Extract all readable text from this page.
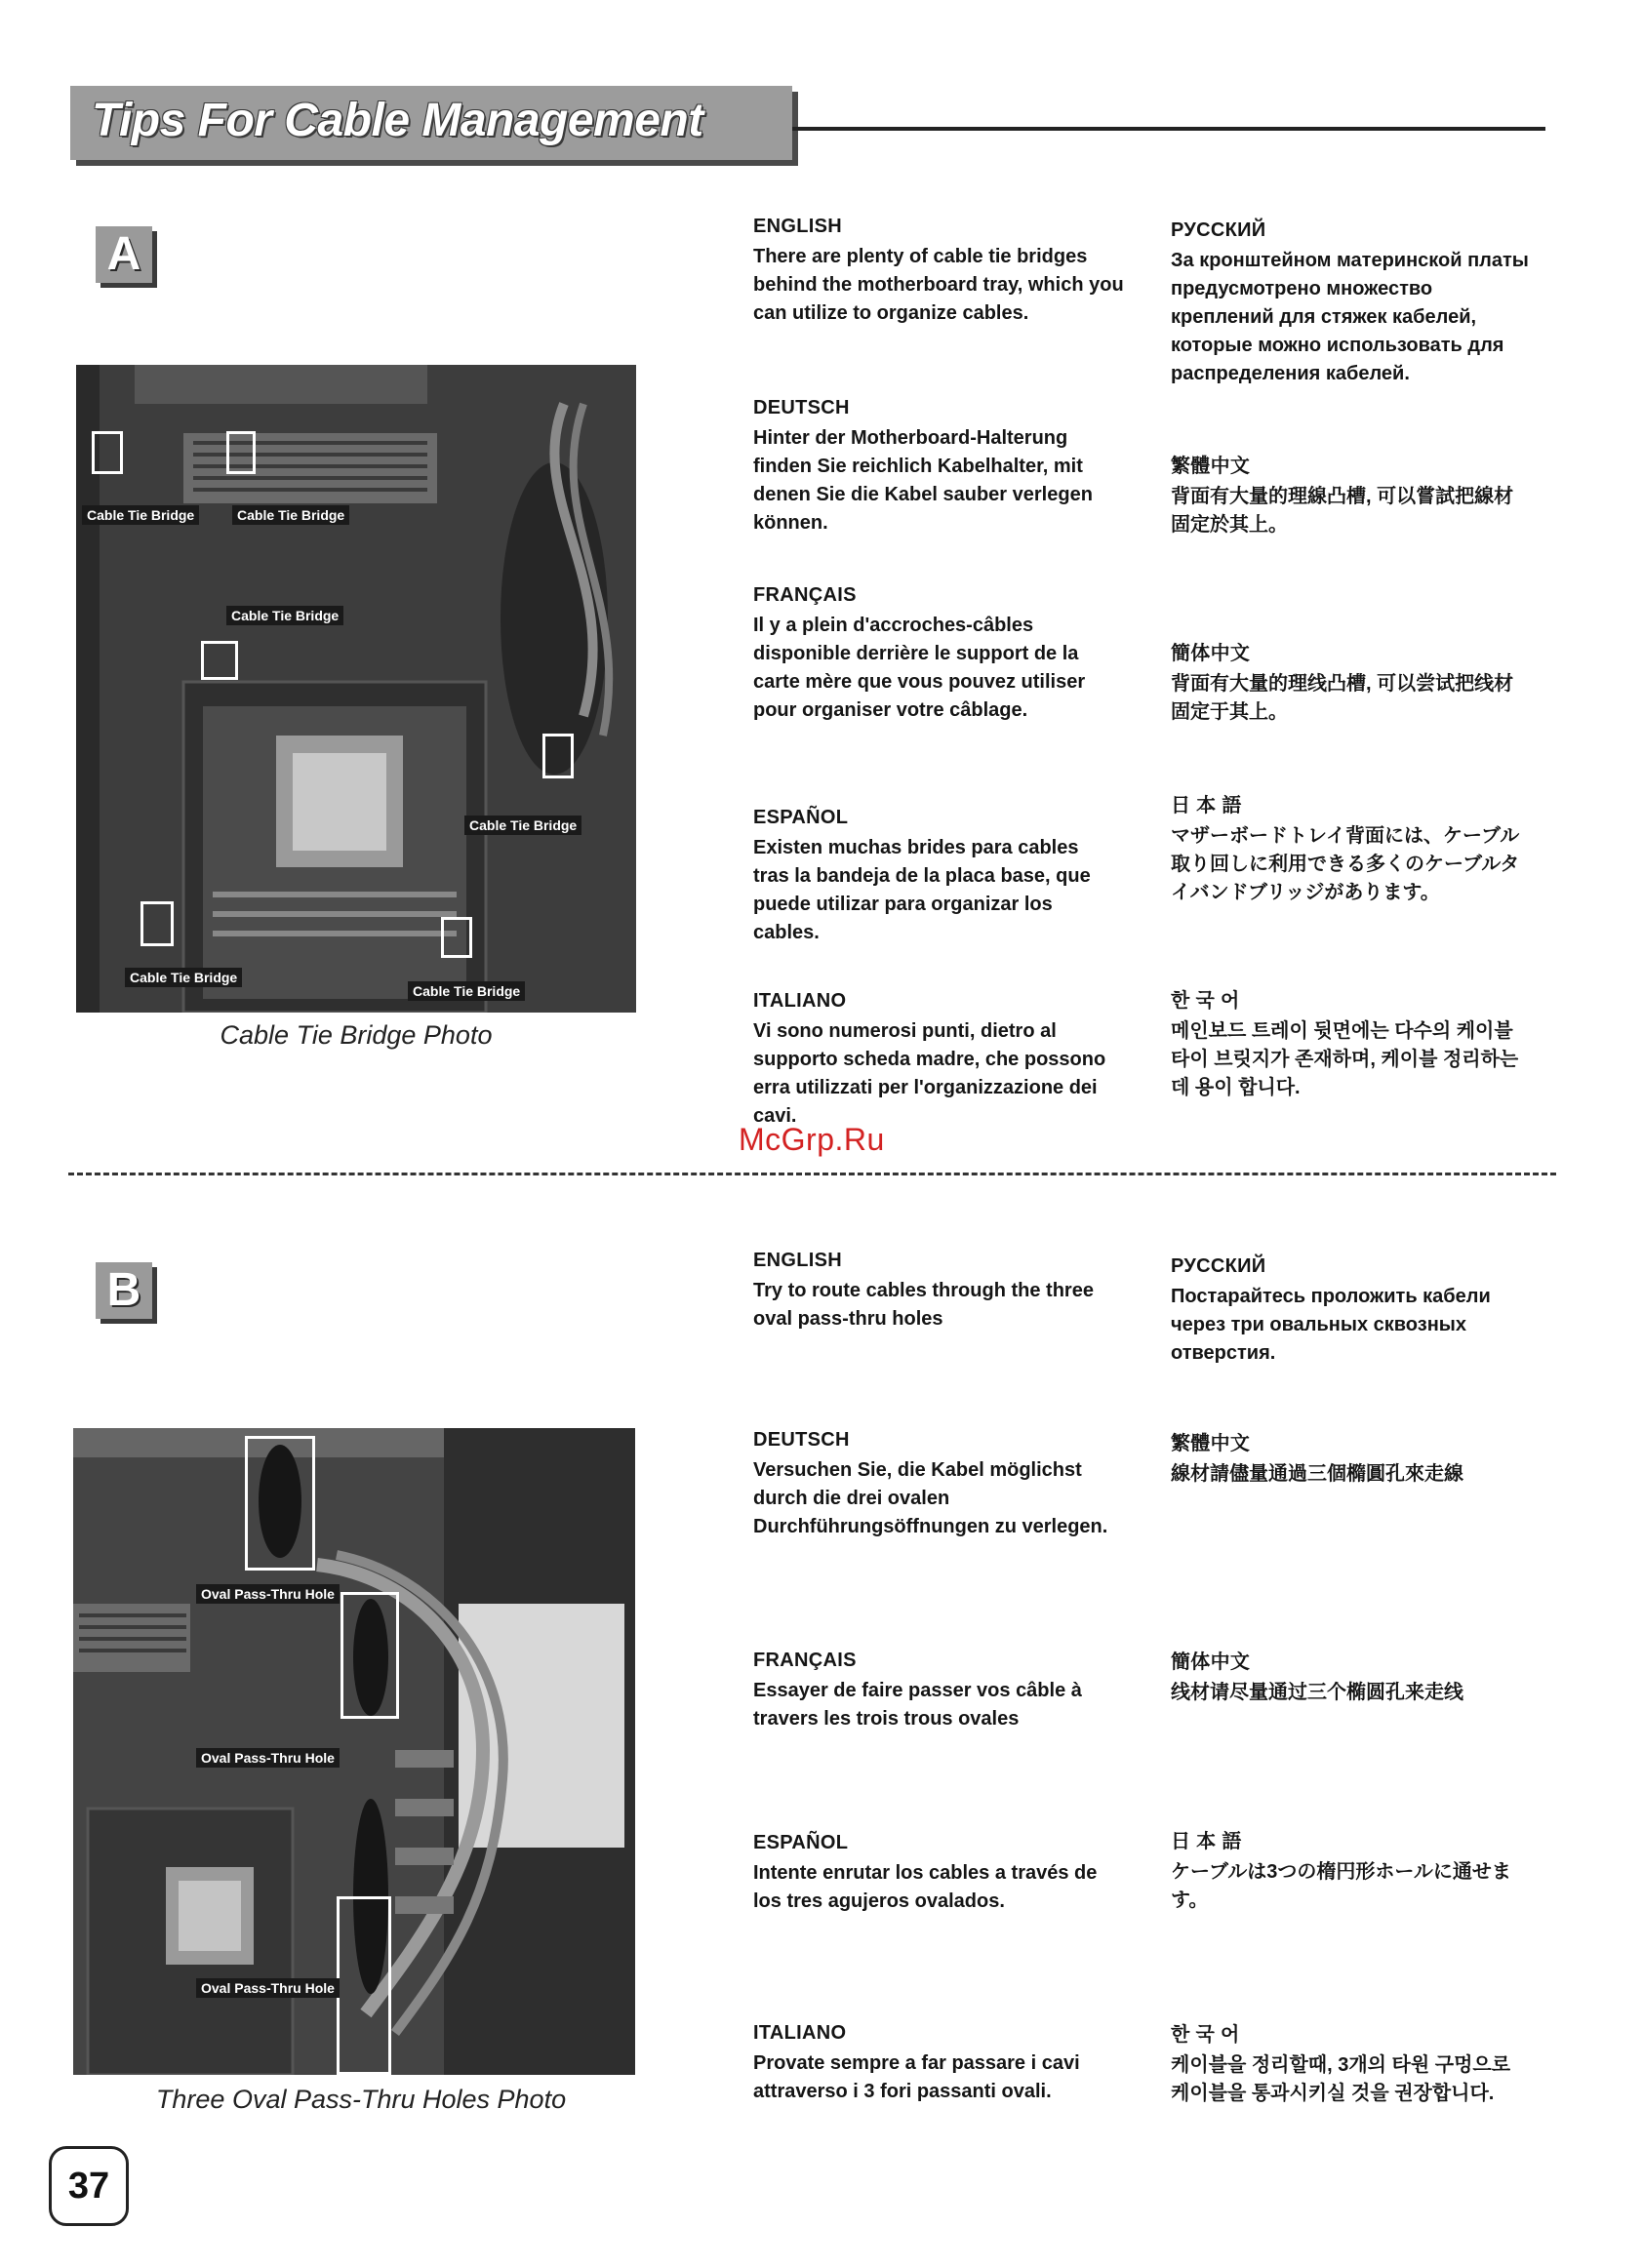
Tips For Cable Management
A
Cable Tie Bridge	Cable Tie Bridge
Cable Tie Bridge
Cable Tie Bridge
Cable Tie Bridge
Cable Tie Bridge
Cable Tie Bridge Photo
ENGLISH

There are plenty of cable tie bridges behind the motherboard tray, which you can utilize to organize cables.

DEUTSCH

Hinter der Motherboard-Halterung finden Sie reichlich Kabelhalter, mit denen Sie die Kabel sauber verlegen können.

FRANÇAIS

Il y a plein d'accroches-câbles disponible derrière le support de la carte mère que vous pouvez utiliser pour organiser votre câblage.

ESPAÑOL

Existen muchas brides para cables tras la bandeja de la placa base, que puede utilizar para organizar los cables.

ITALIANO

Vi sono numerosi punti, dietro al supporto scheda madre, che possono erra utilizzati per l'organizzazione dei cavi.

РУССКИЙ

За кронштейном материнской платы предусмотрено множество креплений для стяжек кабелей, которые можно использовать для распределения кабелей.

繁體中文

背面有大量的理線凸槽, 可以嘗試把線材固定於其上。

簡体中文

背面有大量的理线凸槽, 可以尝试把线材固定于其上。

日 本 語

マザーボードトレイ背面には、ケーブル取り回しに利用できる多くのケーブルタイバンドブリッジがあります。

한 국 어

메인보드 트레이 뒷면에는 다수의 케이블 타이 브릿지가 존재하며, 케이블 정리하는데 용이 합니다.

McGrp.Ru
B
Oval Pass-Thru Hole
Oval Pass-Thru Hole
Oval Pass-Thru Hole
Three Oval Pass-Thru Holes Photo
ENGLISH

Try to route cables through the three oval pass-thru holes

DEUTSCH

Versuchen Sie, die Kabel möglichst durch die drei ovalen Durchführungsöffnungen zu verlegen.

FRANÇAIS

Essayer de faire passer vos câble à travers les trois trous ovales

ESPAÑOL

Intente enrutar los cables a través de los tres agujeros ovalados.

ITALIANO

Provate sempre a far passare i cavi attraverso i 3 fori passanti ovali.

РУССКИЙ

Постарайтесь проложить кабели через три овальных сквозных отверстия.

繁體中文

線材請儘量通過三個橢圓孔來走線

簡体中文

线材请尽量通过三个椭圆孔来走线

日 本 語

ケーブルは3つの楕円形ホールに通せます。

한 국 어

케이블을 정리할때, 3개의 타원 구멍으로 케이블을 통과시키실 것을 권장합니다.

37
